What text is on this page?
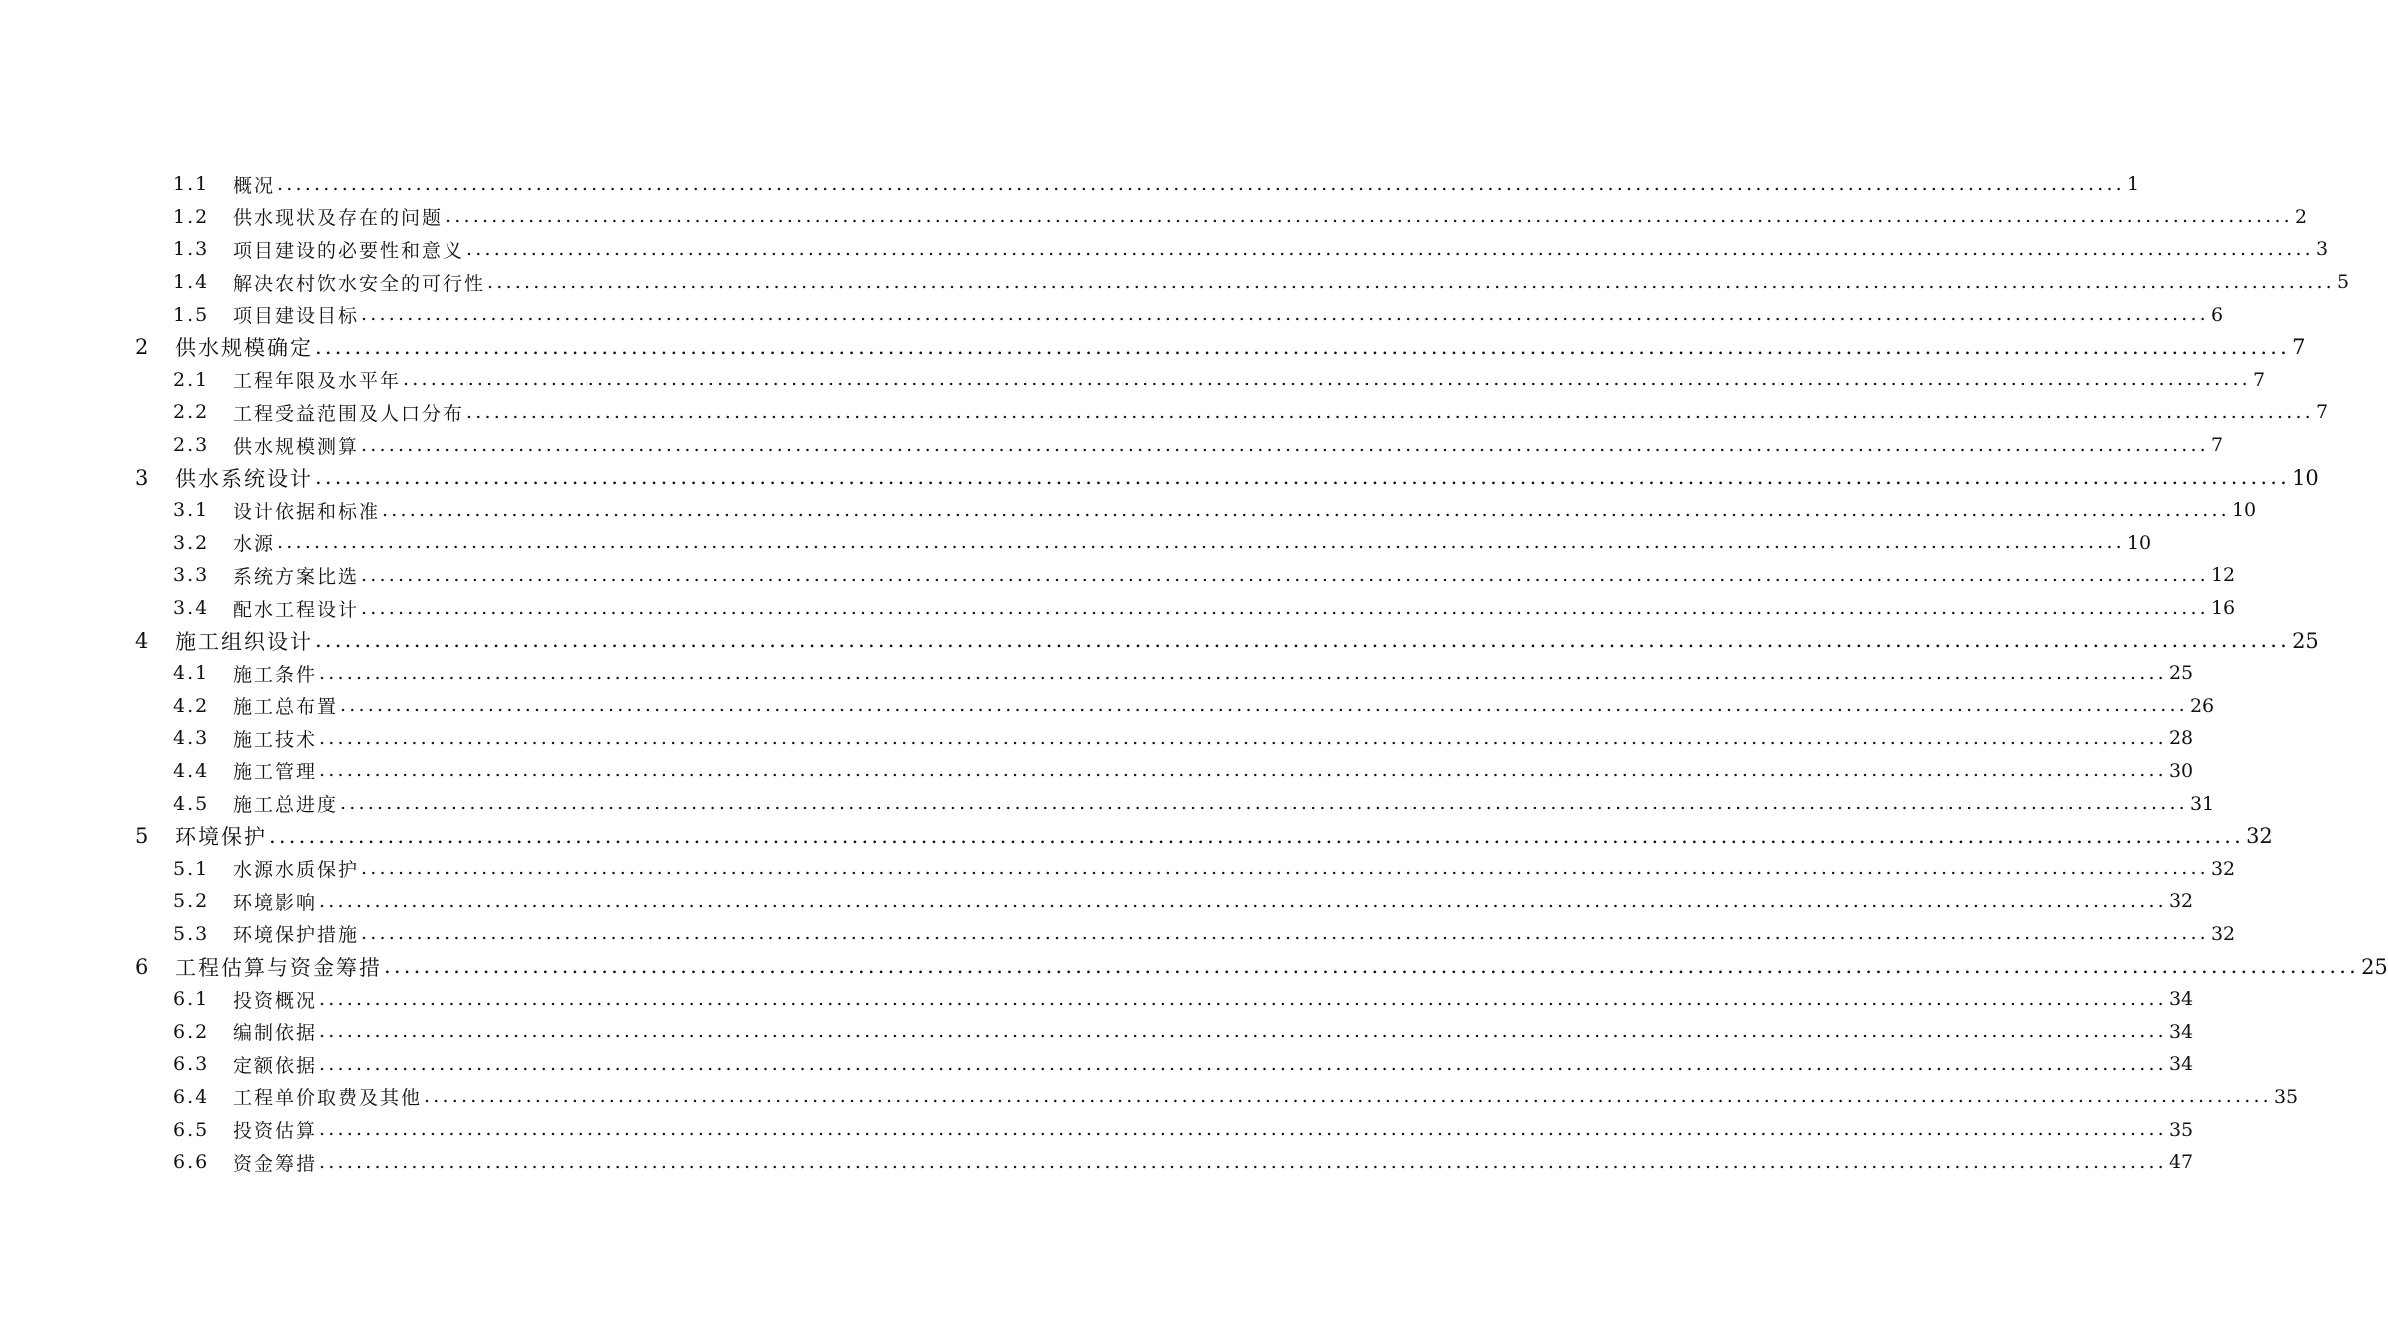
1.1	概况 ........................................................................................................................................................................................................ 1
1.2	供水现状及存在的问题 ........................................................................................................................................................................................................ 2
1.3	项目建设的必要性和意义 ........................................................................................................................................................................................................ 3
1.4	解决农村饮水安全的可行性 ........................................................................................................................................................................................................ 5
1.5	项目建设目标 ........................................................................................................................................................................................................ 6
2	供水规模确定 ........................................................................................................................................................................................................ 7
2.1	工程年限及水平年 ........................................................................................................................................................................................................ 7
2.2	工程受益范围及人口分布 ........................................................................................................................................................................................................ 7
2.3	供水规模测算 ........................................................................................................................................................................................................ 7
3	供水系统设计 ........................................................................................................................................................................................................ 10
3.1	设计依据和标准 ........................................................................................................................................................................................................ 10
3.2	水源 ........................................................................................................................................................................................................ 10
3.3	系统方案比选 ........................................................................................................................................................................................................ 12
3.4	配水工程设计 ........................................................................................................................................................................................................ 16
4	施工组织设计 ........................................................................................................................................................................................................ 25
4.1	施工条件 ........................................................................................................................................................................................................ 25
4.2	施工总布置 ........................................................................................................................................................................................................ 26
4.3	施工技术 ........................................................................................................................................................................................................ 28
4.4	施工管理 ........................................................................................................................................................................................................ 30
4.5	施工总进度 ........................................................................................................................................................................................................ 31
5	环境保护 ........................................................................................................................................................................................................ 32
5.1	水源水质保护 ........................................................................................................................................................................................................ 32
5.2	环境影响 ........................................................................................................................................................................................................ 32
5.3	环境保护措施 ........................................................................................................................................................................................................ 32
6	工程估算与资金筹措 ........................................................................................................................................................................................................ 25
6.1	投资概况 ........................................................................................................................................................................................................ 34
6.2	编制依据 ........................................................................................................................................................................................................ 34
6.3	定额依据 ........................................................................................................................................................................................................ 34
6.4	工程单价取费及其他 ........................................................................................................................................................................................................ 35
6.5	投资估算 ........................................................................................................................................................................................................ 35
6.6	资金筹措 ........................................................................................................................................................................................................ 47
